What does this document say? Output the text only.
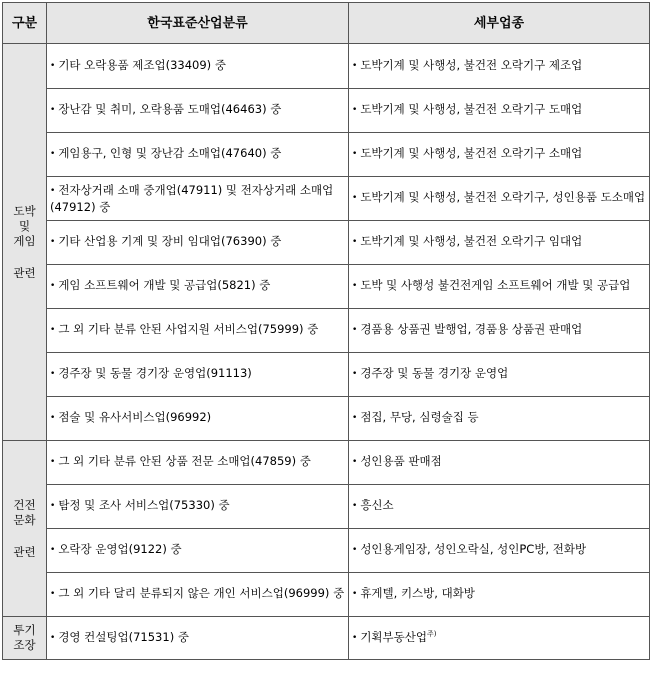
구분	한국표준산업분류	세부업종

도박
및
게임
관련	• 기타 오락용품 제조업(33409) 중	• 도박기계 및 사행성, 불건전 오락기구 제조업
	• 장난감 및 취미, 오락용품 도매업(46463) 중	• 도박기계 및 사행성, 불건전 오락기구 도매업
	• 게임용구, 인형 및 장난감 소매업(47640) 중	• 도박기계 및 사행성, 불건전 오락기구 소매업
	• 전자상거래 소매 중개업(47911) 및 전자상거래 소매업(47912) 중	• 도박기계 및 사행성, 불건전 오락기구, 성인용품 도소매업
	• 기타 산업용 기계 및 장비 임대업(76390) 중	• 도박기계 및 사행성, 불건전 오락기구 임대업
	• 게임 소프트웨어 개발 및 공급업(5821) 중	• 도박 및 사행성 불건전게임 소프트웨어 개발 및 공급업
	• 그 외 기타 분류 안된 사업지원 서비스업(75999) 중	• 경품용 상품권 발행업, 경품용 상품권 판매업
	• 경주장 및 동물 경기장 운영업(91113)	• 경주장 및 동물 경기장 운영업
	• 점술 및 유사서비스업(96992)	• 점집, 무당, 심령술집 등

건전
문화
관련	• 그 외 기타 분류 안된 상품 전문 소매업(47859) 중	• 성인용품 판매점
	• 탐정 및 조사 서비스업(75330) 중	• 흥신소
	• 오락장 운영업(9122) 중	• 성인용게임장, 성인오락실, 성인PC방, 전화방
	• 그 외 기타 달리 분류되지 않은 개인 서비스업(96999) 중	• 휴게텔, 키스방, 대화방

투기
조장	• 경영 컨설팅업(71531) 중	• 기획부동산업$^{주)}$
